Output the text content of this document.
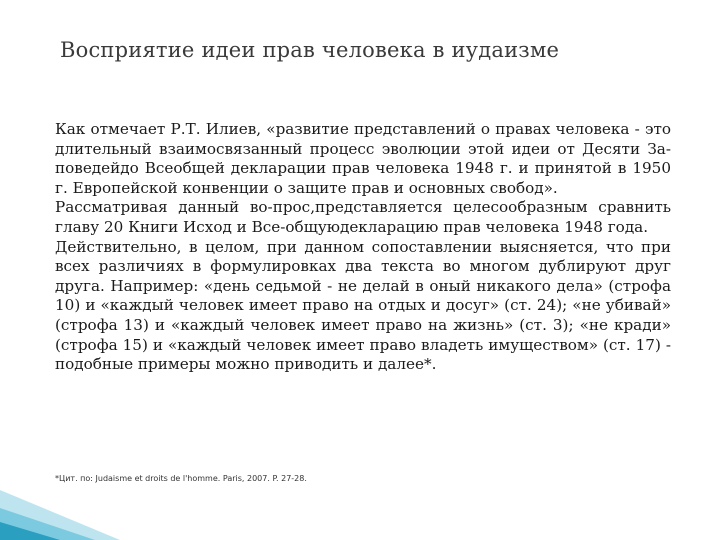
Восприятие идеи прав человека в иудаизме

Как отмечает Р.Т. Илиев, «развитие представлений о правах человека - это длительный взаимосвязанный процесс эволюции этой идеи от Десяти За-поведейдо Всеобщей декларации прав человека 1948 г. и принятой в 1950 г. Европейской конвенции о защите прав и основных свобод».

Рассматривая данный во-прос,представляется целесообразным сравнить главу 20 Книги Исход и Все-общуюдекларацию прав человека 1948 года.

Действительно, в целом, при данном сопоставлении выясняется, что при всех различиях в формулировках два текста во многом дублируют друг друга. Например: «день седьмой - не делай в оный никакого дела» (строфа 10) и «каждый человек имеет право на отдых и досуг» (ст. 24); «не убивай» (строфа 13) и «каждый человек имеет право на жизнь» (ст. 3); «не кради» (строфа 15) и «каждый человек имеет право владеть имуществом» (ст. 17) - подобные примеры можно приводить и далее*.

*Цит. по: Judaisme et droits de l'homme. Paris, 2007. P. 27-28.
